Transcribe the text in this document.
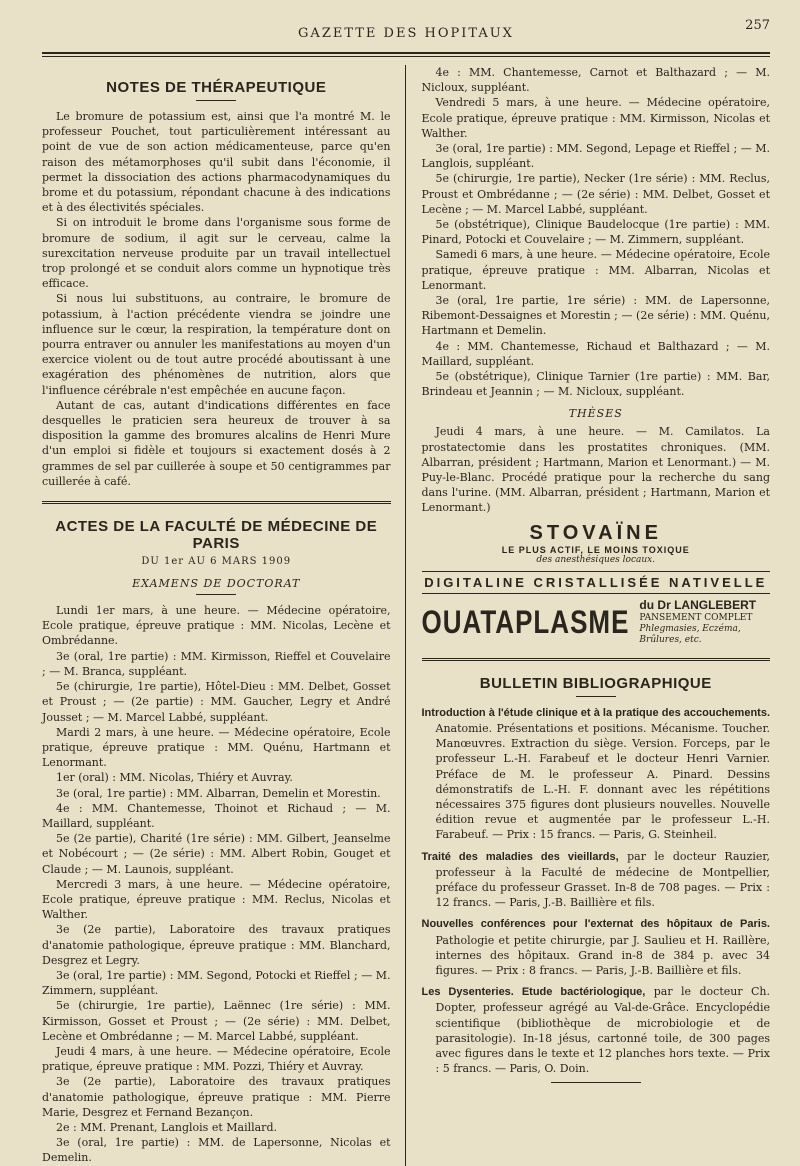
GAZETTE DES HOPITAUX
257
NOTES DE THÉRAPEUTIQUE

Le bromure de potassium est, ainsi que l'a montré M. le professeur Pouchet, tout particulièrement intéressant au point de vue de son action médicamenteuse, parce qu'en raison des métamorphoses qu'il subit dans l'économie, il permet la dissociation des actions pharmacodynamiques du brome et du potassium, répondant chacune à des indications et à des électivités spéciales.

Si on introduit le brome dans l'organisme sous forme de bromure de sodium, il agit sur le cerveau, calme la surexcitation nerveuse produite par un travail intellectuel trop prolongé et se conduit alors comme un hypnotique très efficace.

Si nous lui substituons, au contraire, le bromure de potassium, à l'action précédente viendra se joindre une influence sur le cœur, la respiration, la température dont on pourra entraver ou annuler les manifestations au moyen d'un exercice violent ou de tout autre procédé aboutissant à une exagération des phénomènes de nutrition, alors que l'influence cérébrale n'est empêchée en aucune façon.

Autant de cas, autant d'indications différentes en face desquelles le praticien sera heureux de trouver à sa disposition la gamme des bromures alcalins de Henri Mure d'un emploi si fidèle et toujours si exactement dosés à 2 grammes de sel par cuillerée à soupe et 50 centigrammes par cuillerée à café.

ACTES DE LA FACULTÉ DE MÉDECINE DE PARIS
DU 1er AU 6 MARS 1909
EXAMENS DE DOCTORAT

Lundi 1er mars, à une heure. — Médecine opératoire, Ecole pratique, épreuve pratique : MM. Nicolas, Lecène et Ombrédanne.

3e (oral, 1re partie) : MM. Kirmisson, Rieffel et Couvelaire ; — M. Branca, suppléant.

5e (chirurgie, 1re partie), Hôtel-Dieu : MM. Delbet, Gosset et Proust ; — (2e partie) : MM. Gaucher, Legry et André Jousset ; — M. Marcel Labbé, suppléant.

Mardi 2 mars, à une heure. — Médecine opératoire, Ecole pratique, épreuve pratique : MM. Quénu, Hartmann et Lenormant.

1er (oral) : MM. Nicolas, Thiéry et Auvray.

3e (oral, 1re partie) : MM. Albarran, Demelin et Morestin.

4e : MM. Chantemesse, Thoinot et Richaud ; — M. Maillard, suppléant.

5e (2e partie), Charité (1re série) : MM. Gilbert, Jeanselme et Nobécourt ; — (2e série) : MM. Albert Robin, Gouget et Claude ; — M. Launois, suppléant.

Mercredi 3 mars, à une heure. — Médecine opératoire, Ecole pratique, épreuve pratique : MM. Reclus, Nicolas et Walther.

3e (2e partie), Laboratoire des travaux pratiques d'anatomie pathologique, épreuve pratique : MM. Blanchard, Desgrez et Legry.

3e (oral, 1re partie) : MM. Segond, Potocki et Rieffel ; — M. Zimmern, suppléant.

5e (chirurgie, 1re partie), Laënnec (1re série) : MM. Kirmisson, Gosset et Proust ; — (2e série) : MM. Delbet, Lecène et Ombrédanne ; — M. Marcel Labbé, suppléant.

Jeudi 4 mars, à une heure. — Médecine opératoire, Ecole pratique, épreuve pratique : MM. Pozzi, Thiéry et Auvray.

3e (2e partie), Laboratoire des travaux pratiques d'anatomie pathologique, épreuve pratique : MM. Pierre Marie, Desgrez et Fernand Bezançon.

2e : MM. Prenant, Langlois et Maillard.

3e (oral, 1re partie) : MM. de Lapersonne, Nicolas et Demelin.

4e : MM. Chantemesse, Carnot et Balthazard ; — M. Nicloux, suppléant.

Vendredi 5 mars, à une heure. — Médecine opératoire, Ecole pratique, épreuve pratique : MM. Kirmisson, Nicolas et Walther.

3e (oral, 1re partie) : MM. Segond, Lepage et Rieffel ; — M. Langlois, suppléant.

5e (chirurgie, 1re partie), Necker (1re série) : MM. Reclus, Proust et Ombrédanne ; — (2e série) : MM. Delbet, Gosset et Lecène ; — M. Marcel Labbé, suppléant.

5e (obstétrique), Clinique Baudelocque (1re partie) : MM. Pinard, Potocki et Couvelaire ; — M. Zimmern, suppléant.

Samedi 6 mars, à une heure. — Médecine opératoire, Ecole pratique, épreuve pratique : MM. Albarran, Nicolas et Lenormant.

3e (oral, 1re partie, 1re série) : MM. de Lapersonne, Ribemont-Dessaignes et Morestin ; — (2e série) : MM. Quénu, Hartmann et Demelin.

4e : MM. Chantemesse, Richaud et Balthazard ; — M. Maillard, suppléant.

5e (obstétrique), Clinique Tarnier (1re partie) : MM. Bar, Brindeau et Jeannin ; — M. Nicloux, suppléant.

THÈSES

Jeudi 4 mars, à une heure. — M. Camilatos. La prostatectomie dans les prostatites chroniques. (MM. Albarran, président ; Hartmann, Marion et Lenormant.) — M. Puy-le-Blanc. Procédé pratique pour la recherche du sang dans l'urine. (MM. Albarran, président ; Hartmann, Marion et Lenormant.)

STOVAÏNE
LE PLUS ACTIF, LE MOINS TOXIQUE
des anesthésiques locaux.
DIGITALINE CRISTALLISÉE NATIVELLE
OUATAPLASME du Dr LANGLEBERT
PANSEMENT COMPLET
Phlegmasies, Eczéma, Brûlures, etc.
BULLETIN BIBLIOGRAPHIQUE

Introduction à l'étude clinique et à la pratique des accouchements. Anatomie. Présentations et positions. Mécanisme. Toucher. Manœuvres. Extraction du siège. Version. Forceps, par le professeur L.-H. Farabeuf et le docteur Henri Varnier. Préface de M. le professeur A. Pinard. Dessins démonstratifs de L.-H. F. donnant avec les répétitions nécessaires 375 figures dont plusieurs nouvelles. Nouvelle édition revue et augmentée par le professeur L.-H. Farabeuf. — Prix : 15 francs. — Paris, G. Steinheil.

Traité des maladies des vieillards, par le docteur Rauzier, professeur à la Faculté de médecine de Montpellier, préface du professeur Grasset. In-8 de 708 pages. — Prix : 12 francs. — Paris, J.-B. Baillière et fils.

Nouvelles conférences pour l'externat des hôpitaux de Paris. Pathologie et petite chirurgie, par J. Saulieu et H. Raillère, internes des hôpitaux. Grand in-8 de 384 p. avec 34 figures. — Prix : 8 francs. — Paris, J.-B. Baillière et fils.

Les Dysenteries. Etude bactériologique, par le docteur Ch. Dopter, professeur agrégé au Val-de-Grâce. Encyclopédie scientifique (bibliothèque de microbiologie et de parasitologie). In-18 jésus, cartonné toile, de 300 pages avec figures dans le texte et 12 planches hors texte. — Prix : 5 francs. — Paris, O. Doin.
